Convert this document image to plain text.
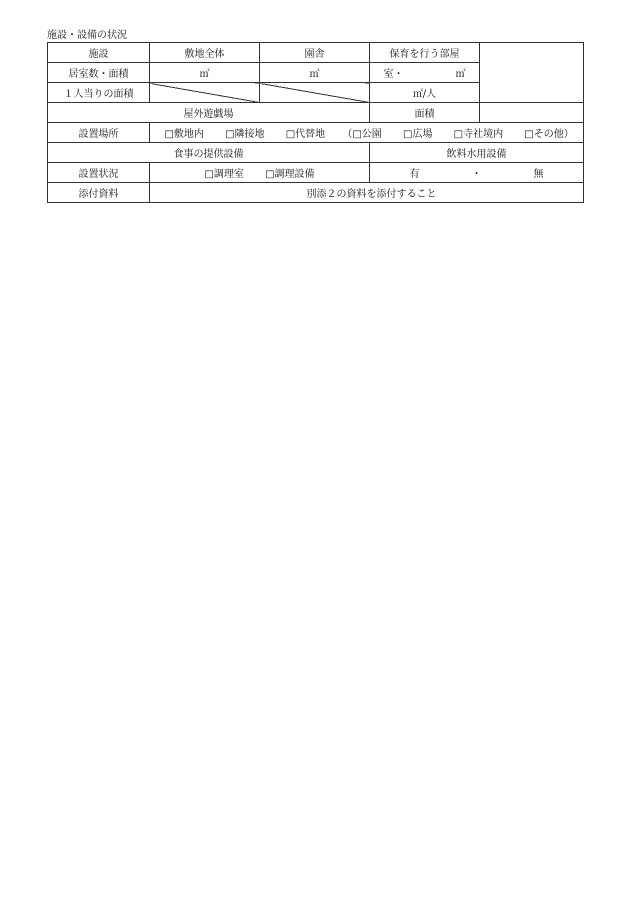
施設・設備の状況
施設	敷地全体	園舎	保育を行う部屋	
居室数・面積	㎡	㎡	室・ ㎡	
１人当りの面積			㎡/人	
屋外遊戯場			面積	
設置場所	□敷地内 □隣接地 □代替地 （□公園 □広場 □寺社境内 □その他）			
食事の提供設備			飲料水用設備	
設置状況	□調理室 □調理設備		有 ・ 無	
添付資料	別添２の資料を添付すること			
